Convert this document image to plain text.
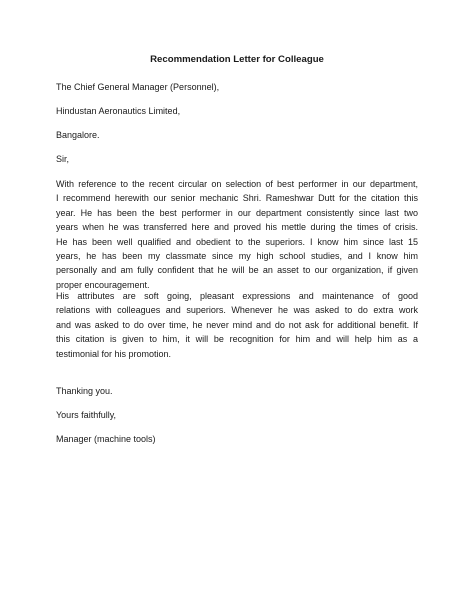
Recommendation Letter for Colleague
The Chief General Manager (Personnel),
Hindustan Aeronautics Limited,
Bangalore.
Sir,
With reference to the recent circular on selection of best performer in our department,
I recommend herewith our senior mechanic Shri. Rameshwar Dutt for the citation this
year. He has been the best performer in our department consistently since last two
years when he was transferred here and proved his mettle during the times of crisis.
He has been well qualified and obedient to the superiors. I know him since last 15
years, he has been my classmate since my high school studies, and I know him
personally and am fully confident that he will be an asset to our organization, if given
proper encouragement.
His attributes are soft going, pleasant expressions and maintenance of good
relations with colleagues and superiors. Whenever he was asked to do extra work
and was asked to do over time, he never mind and do not ask for additional benefit. If
this citation is given to him, it will be recognition for him and will help him as a
testimonial for his promotion.
Thanking you.
Yours faithfully,
Manager (machine tools)
